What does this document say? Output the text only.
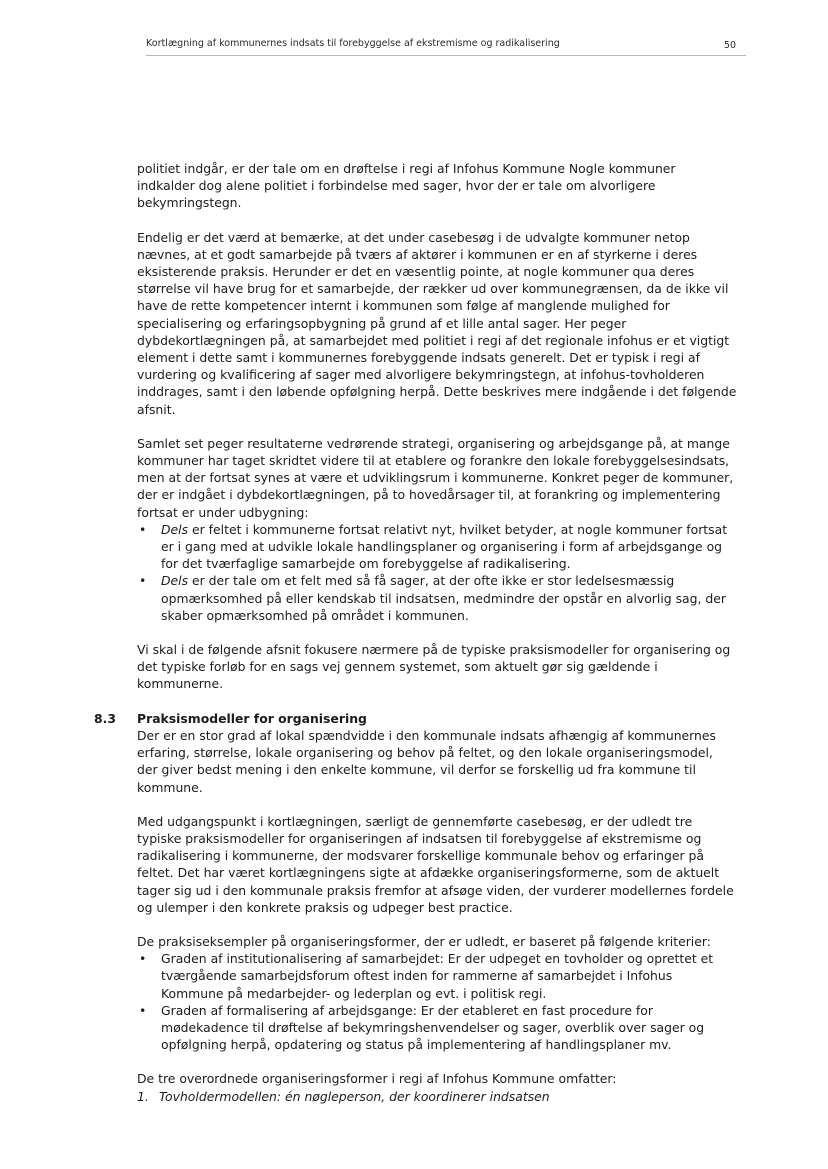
Kortlægning af kommunernes indsats til forebyggelse af ekstremisme og radikalisering	50

politiet indgår, er der tale om en drøftelse i regi af Infohus Kommune Nogle kommuner indkalder dog alene politiet i forbindelse med sager, hvor der er tale om alvorligere bekymringstegn.

Endelig er det værd at bemærke, at det under casebesøg i de udvalgte kommuner netop nævnes, at et godt samarbejde på tværs af aktører i kommunen er en af styrkerne i deres eksisterende praksis. Herunder er det en væsentlig pointe, at nogle kommuner qua deres størrelse vil have brug for et samarbejde, der rækker ud over kommunegrænsen, da de ikke vil have de rette kompetencer internt i kommunen som følge af manglende mulighed for specialisering og erfaringsopbygning på grund af et lille antal sager. Her peger dybdekortlægningen på, at samarbejdet med politiet i regi af det regionale infohus er et vigtigt element i dette samt i kommunernes forebyggende indsats generelt. Det er typisk i regi af vurdering og kvalificering af sager med alvorligere bekymringstegn, at infohus-tovholderen inddrages, samt i den løbende opfølgning herpå. Dette beskrives mere indgående i det følgende afsnit.

Samlet set peger resultaterne vedrørende strategi, organisering og arbejdsgange på, at mange kommuner har taget skridtet videre til at etablere og forankre den lokale forebyggelsesindsats, men at der fortsat synes at være et udviklingsrum i kommunerne. Konkret peger de kommuner, der er indgået i dybdekortlægningen, på to hovedårsager til, at forankring og implementering fortsat er under udbygning:

• Dels er feltet i kommunerne fortsat relativt nyt, hvilket betyder, at nogle kommuner fortsat er i gang med at udvikle lokale handlingsplaner og organisering i form af arbejdsgange og for det tværfaglige samarbejde om forebyggelse af radikalisering.
• Dels er der tale om et felt med så få sager, at der ofte ikke er stor ledelsesmæssig opmærksomhed på eller kendskab til indsatsen, medmindre der opstår en alvorlig sag, der skaber opmærksomhed på området i kommunen.

Vi skal i de følgende afsnit fokusere nærmere på de typiske praksismodeller for organisering og det typiske forløb for en sags vej gennem systemet, som aktuelt gør sig gældende i kommunerne.

8.3 Praksismodeller for organisering

Der er en stor grad af lokal spændvidde i den kommunale indsats afhængig af kommunernes erfaring, størrelse, lokale organisering og behov på feltet, og den lokale organiseringsmodel, der giver bedst mening i den enkelte kommune, vil derfor se forskellig ud fra kommune til kommune.

Med udgangspunkt i kortlægningen, særligt de gennemførte casebesøg, er der udledt tre typiske praksismodeller for organiseringen af indsatsen til forebyggelse af ekstremisme og radikalisering i kommunerne, der modsvarer forskellige kommunale behov og erfaringer på feltet. Det har været kortlægningens sigte at afdække organiseringsformerne, som de aktuelt tager sig ud i den kommunale praksis fremfor at afsøge viden, der vurderer modellernes fordele og ulemper i den konkrete praksis og udpeger best practice.

De praksiseksempler på organiseringsformer, der er udledt, er baseret på følgende kriterier:

• Graden af institutionalisering af samarbejdet: Er der udpeget en tovholder og oprettet et tværgående samarbejdsforum oftest inden for rammerne af samarbejdet i Infohus Kommune på medarbejder- og lederplan og evt. i politisk regi.
• Graden af formalisering af arbejdsgange: Er der etableret en fast procedure for mødekadence til drøftelse af bekymringshenvendelser og sager, overblik over sager og opfølgning herpå, opdatering og status på implementering af handlingsplaner mv.

De tre overordnede organiseringsformer i regi af Infohus Kommune omfatter:

1. Tovholdermodellen: én nøgleperson, der koordinerer indsatsen
